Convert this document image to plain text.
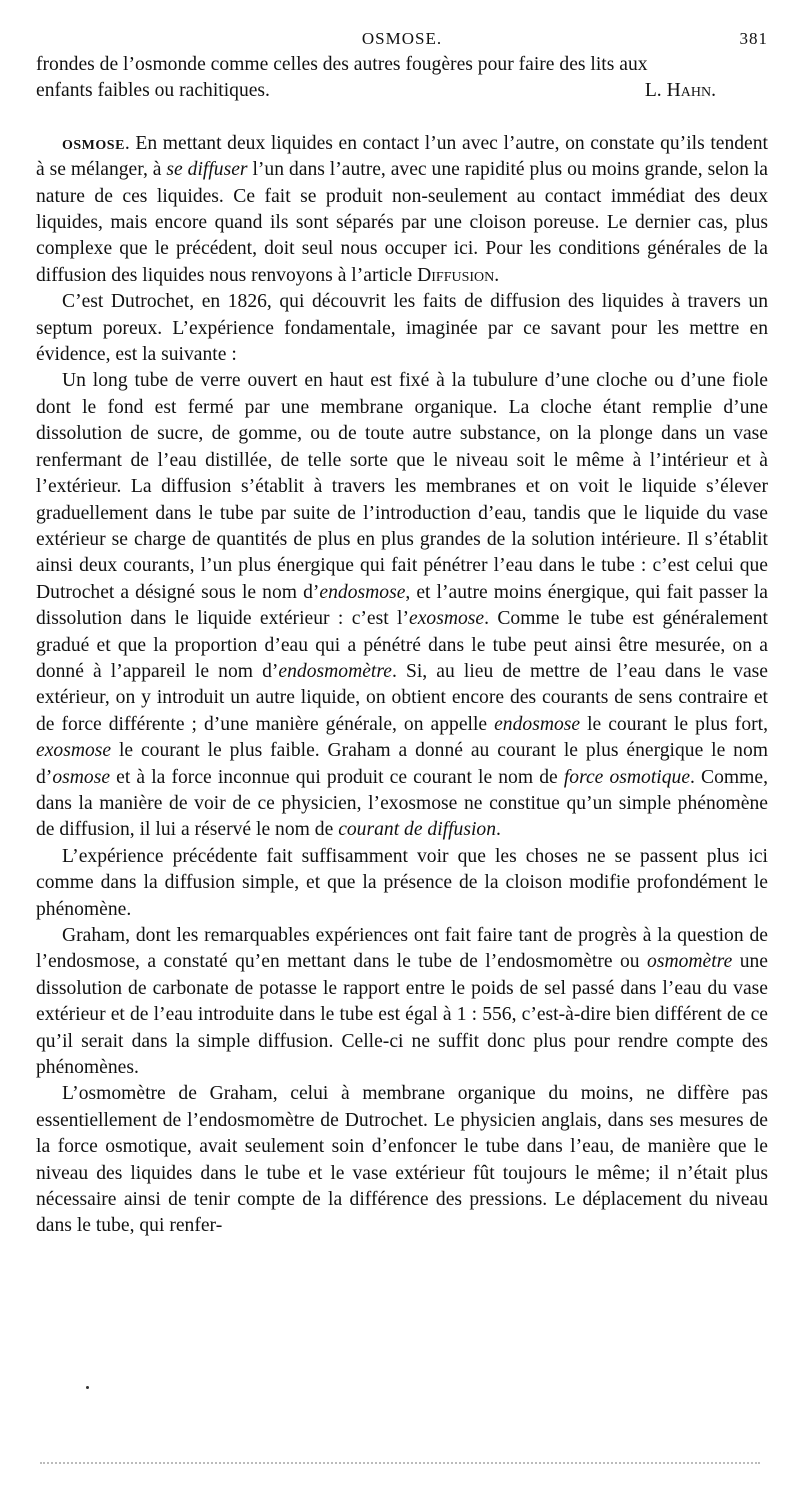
OSMOSE.	381

frondes de l’osmonde comme celles des autres fougères pour faire des lits aux

enfants faibles ou rachitiques.	L. Hahn.

osmose. En mettant deux liquides en contact l’un avec l’autre, on constate qu’ils tendent à se mélanger, à se diffuser l’un dans l’autre, avec une rapidité plus ou moins grande, selon la nature de ces liquides. Ce fait se produit non-seulement au contact immédiat des deux liquides, mais encore quand ils sont séparés par une cloison poreuse. Le dernier cas, plus complexe que le précédent, doit seul nous occuper ici. Pour les conditions générales de la diffusion des liquides nous renvoyons à l’article Diffusion.

C’est Dutrochet, en 1826, qui découvrit les faits de diffusion des liquides à travers un septum poreux. L’expérience fondamentale, imaginée par ce savant pour les mettre en évidence, est la suivante :

Un long tube de verre ouvert en haut est fixé à la tubulure d’une cloche ou d’une fiole dont le fond est fermé par une membrane organique. La cloche étant remplie d’une dissolution de sucre, de gomme, ou de toute autre substance, on la plonge dans un vase renfermant de l’eau distillée, de telle sorte que le niveau soit le même à l’intérieur et à l’extérieur. La diffusion s’établit à travers les membranes et on voit le liquide s’élever graduellement dans le tube par suite de l’introduction d’eau, tandis que le liquide du vase extérieur se charge de quantités de plus en plus grandes de la solution intérieure. Il s’établit ainsi deux courants, l’un plus énergique qui fait pénétrer l’eau dans le tube : c’est celui que Dutrochet a désigné sous le nom d’endosmose, et l’autre moins énergique, qui fait passer la dissolution dans le liquide extérieur : c’est l’exosmose. Comme le tube est généralement gradué et que la proportion d’eau qui a pénétré dans le tube peut ainsi être mesurée, on a donné à l’appareil le nom d’endosmomètre. Si, au lieu de mettre de l’eau dans le vase extérieur, on y introduit un autre liquide, on obtient encore des courants de sens contraire et de force différente ; d’une manière générale, on appelle endosmose le courant le plus fort, exosmose le courant le plus faible. Graham a donné au courant le plus énergique le nom d’osmose et à la force inconnue qui produit ce courant le nom de force osmotique. Comme, dans la manière de voir de ce physicien, l’exosmose ne constitue qu’un simple phénomène de diffusion, il lui a réservé le nom de courant de diffusion.

L’expérience précédente fait suffisamment voir que les choses ne se passent plus ici comme dans la diffusion simple, et que la présence de la cloison modifie profondément le phénomène.

Graham, dont les remarquables expériences ont fait faire tant de progrès à la question de l’endosmose, a constaté qu’en mettant dans le tube de l’endosmomètre ou osmomètre une dissolution de carbonate de potasse le rapport entre le poids de sel passé dans l’eau du vase extérieur et de l’eau introduite dans le tube est égal à 1 : 556, c’est-à-dire bien différent de ce qu’il serait dans la simple diffusion. Celle-ci ne suffit donc plus pour rendre compte des phénomènes.

L’osmomètre de Graham, celui à membrane organique du moins, ne diffère pas essentiellement de l’endosmomètre de Dutrochet. Le physicien anglais, dans ses mesures de la force osmotique, avait seulement soin d’enfoncer le tube dans l’eau, de manière que le niveau des liquides dans le tube et le vase extérieur fût toujours le même; il n’était plus nécessaire ainsi de tenir compte de la différence des pressions. Le déplacement du niveau dans le tube, qui renfer-
